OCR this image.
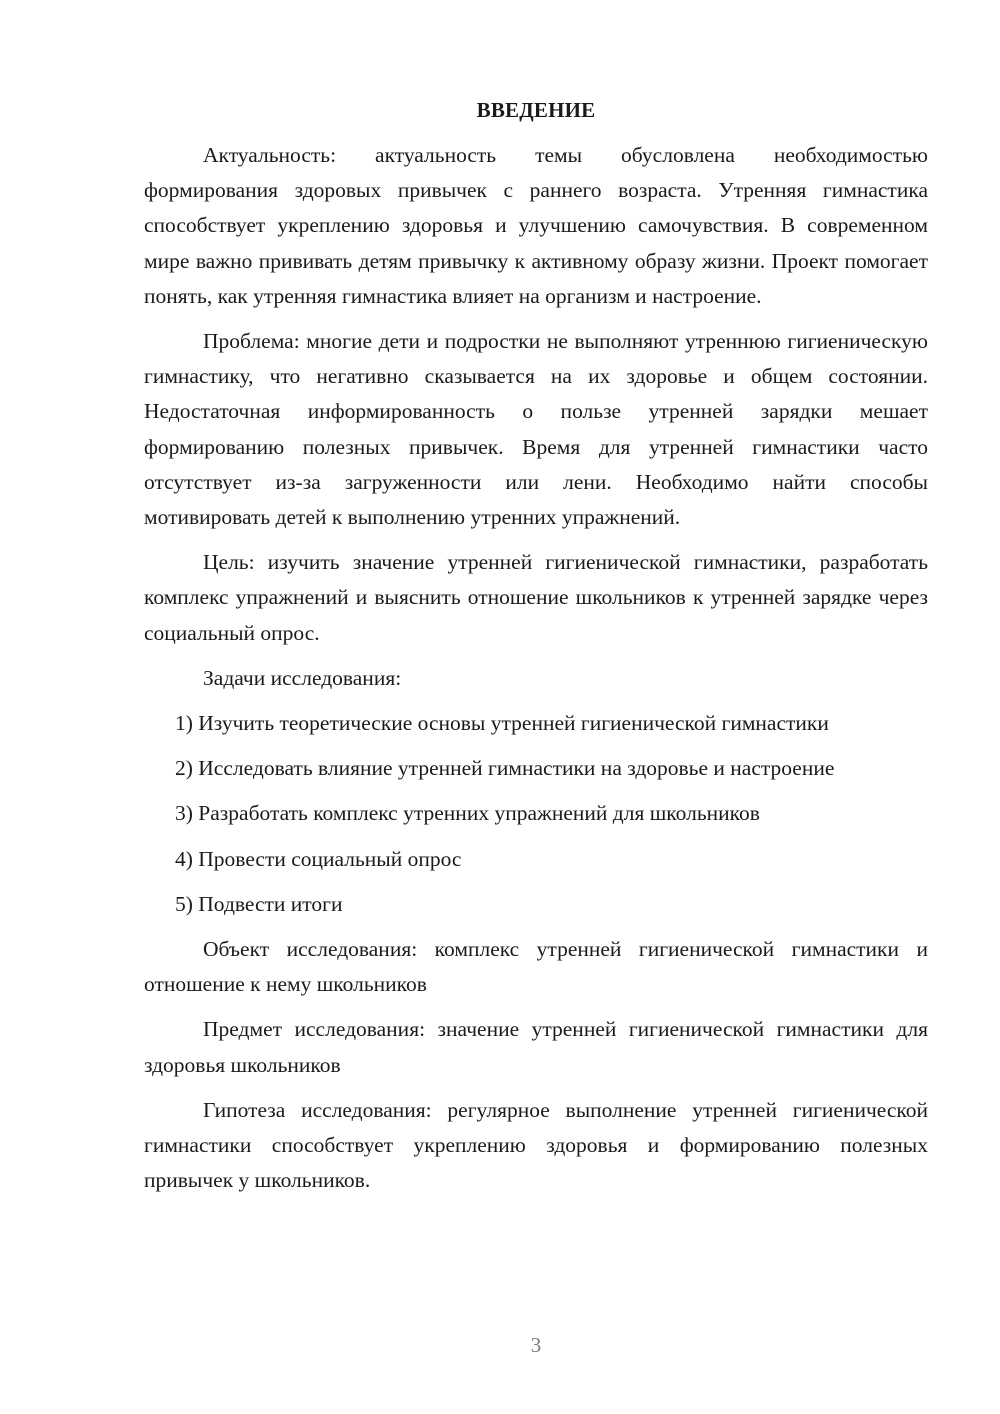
ВВЕДЕНИЕ

Актуальность: актуальность темы обусловлена необходимостью формирования здоровых привычек с раннего возраста. Утренняя гимнастика способствует укреплению здоровья и улучшению самочувствия. В современном мире важно прививать детям привычку к активному образу жизни. Проект помогает понять, как утренняя гимнастика влияет на организм и настроение.

Проблема: многие дети и подростки не выполняют утреннюю гигиеническую гимнастику, что негативно сказывается на их здоровье и общем состоянии. Недостаточная информированность о пользе утренней зарядки мешает формированию полезных привычек. Время для утренней гимнастики часто отсутствует из-за загруженности или лени. Необходимо найти способы мотивировать детей к выполнению утренних упражнений.

Цель: изучить значение утренней гигиенической гимнастики, разработать комплекс упражнений и выяснить отношение школьников к утренней зарядке через социальный опрос.

Задачи исследования:

1) Изучить теоретические основы утренней гигиенической гимнастики

2) Исследовать влияние утренней гимнастики на здоровье и настроение

3) Разработать комплекс утренних упражнений для школьников

4) Провести социальный опрос

5) Подвести итоги

Объект исследования: комплекс утренней гигиенической гимнастики и отношение к нему школьников

Предмет исследования: значение утренней гигиенической гимнастики для здоровья школьников

Гипотеза исследования: регулярное выполнение утренней гигиенической гимнастики способствует укреплению здоровья и формированию полезных привычек у школьников.

3
